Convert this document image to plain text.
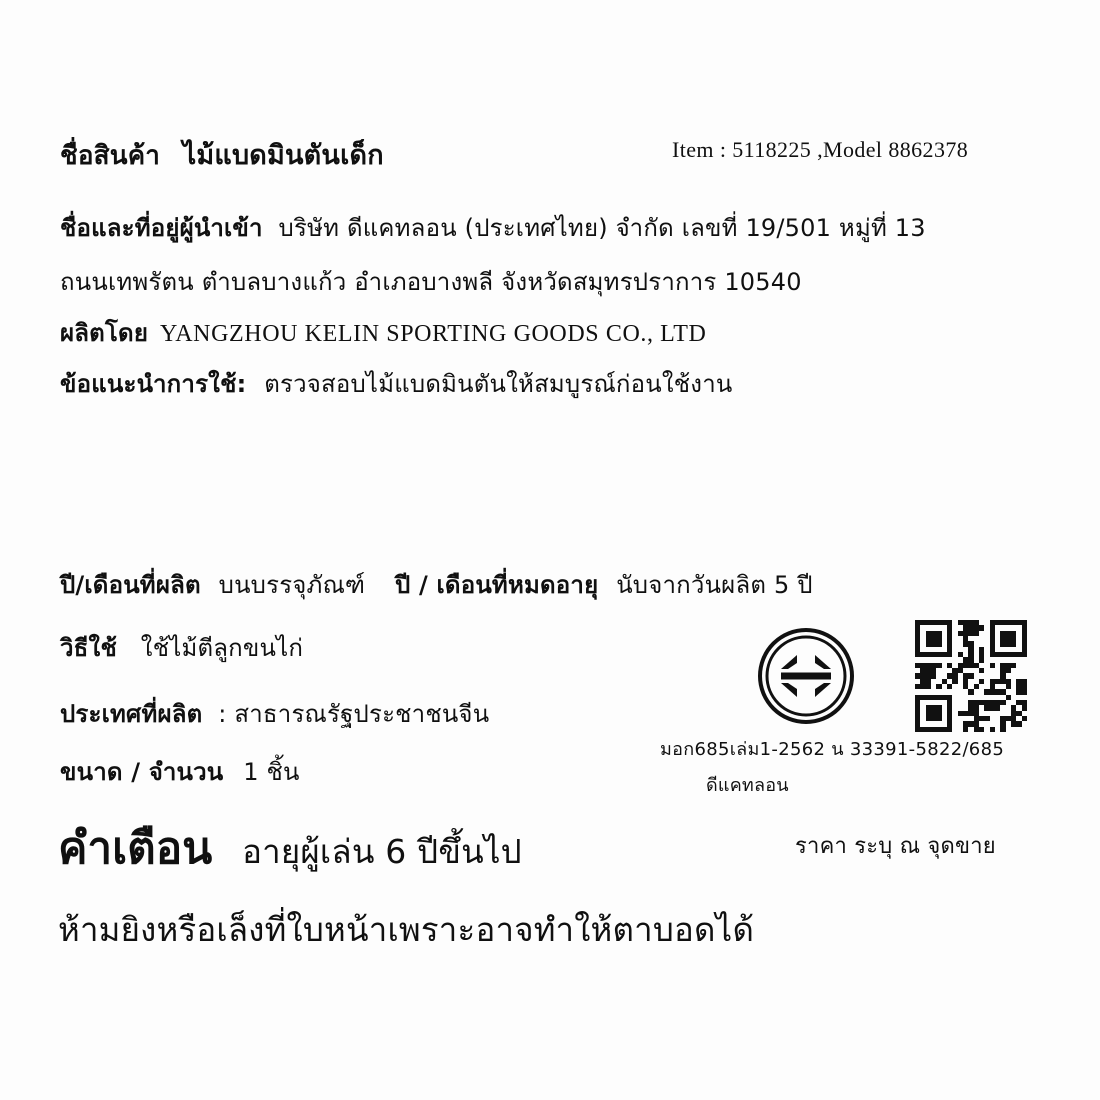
ชื่อสินค้า ไม้แบดมินตันเด็ก	Item : 5118225 ,Model 8862378
ชื่อและที่อยู่ผู้นำเข้า บริษัท ดีแคทลอน (ประเทศไทย) จำกัด เลขที่ 19/501 หมู่ที่ 13
ถนนเทพรัตน ตำบลบางแก้ว อำเภอบางพลี จังหวัดสมุทรปราการ 10540
ผลิตโดย YANGZHOU KELIN SPORTING GOODS CO., LTD
ข้อแนะนำการใช้: ตรวจสอบไม้แบดมินตันให้สมบูรณ์ก่อนใช้งาน
ปี/เดือนที่ผลิต บนบรรจุภัณฑ์ ปี / เดือนที่หมดอายุ นับจากวันผลิต 5 ปี
วิธีใช้ ใช้ไม้ตีลูกขนไก่
ประเทศที่ผลิต : สาธารณรัฐประชาชนจีน
ขนาด / จำนวน 1 ชิ้น
ราคา ระบุ ณ จุดขาย
คำเตือน อายุผู้เล่น 6 ปีขึ้นไป
ห้ามยิงหรือเล็งที่ใบหน้าเพราะอาจทำให้ตาบอดได้
มอก685เล่ม1-2562 น 33391-5822/685
ดีแคทลอน
